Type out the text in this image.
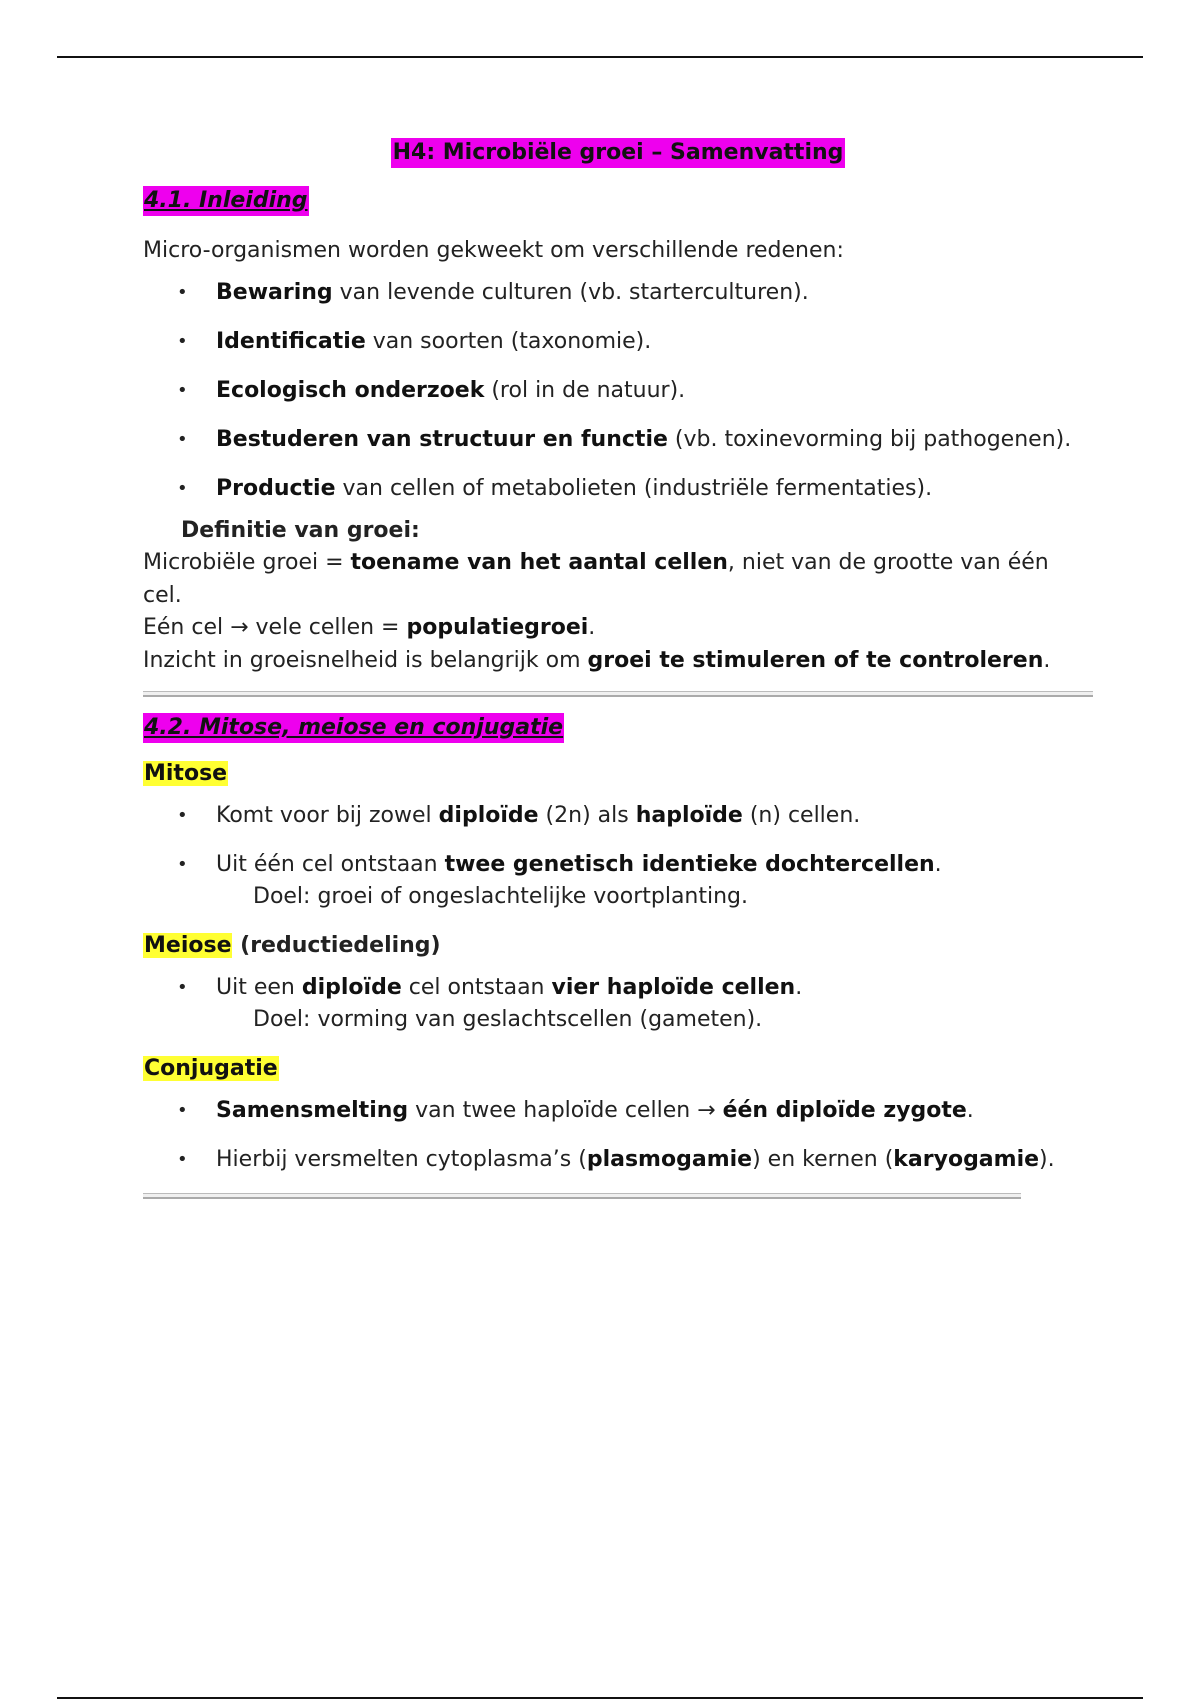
H4: Microbiële groei – Samenvatting
4.1. Inleiding

Micro-organismen worden gekweekt om verschillende redenen:

• Bewaring van levende culturen (vb. starterculturen).
• Identificatie van soorten (taxonomie).
• Ecologisch onderzoek (rol in de natuur).
• Bestuderen van structuur en functie (vb. toxinevorming bij pathogenen).
• Productie van cellen of metabolieten (industriële fermentaties).
Definitie van groei:

Microbiële groei = toename van het aantal cellen, niet van de grootte van één cel.

Eén cel → vele cellen = populatiegroei.

Inzicht in groeisnelheid is belangrijk om groei te stimuleren of te controleren.

4.2. Mitose, meiose en conjugatie
Mitose
• Komt voor bij zowel diploïde (2n) als haploïde (n) cellen.
• Uit één cel ontstaan twee genetisch identieke dochtercellen.
Doel: groei of ongeslachtelijke voortplanting.
Meiose (reductiedeling)
• Uit een diploïde cel ontstaan vier haploïde cellen.
Doel: vorming van geslachtscellen (gameten).
Conjugatie
• Samensmelting van twee haploïde cellen → één diploïde zygote.
• Hierbij versmelten cytoplasma’s (plasmogamie) en kernen (karyogamie).
